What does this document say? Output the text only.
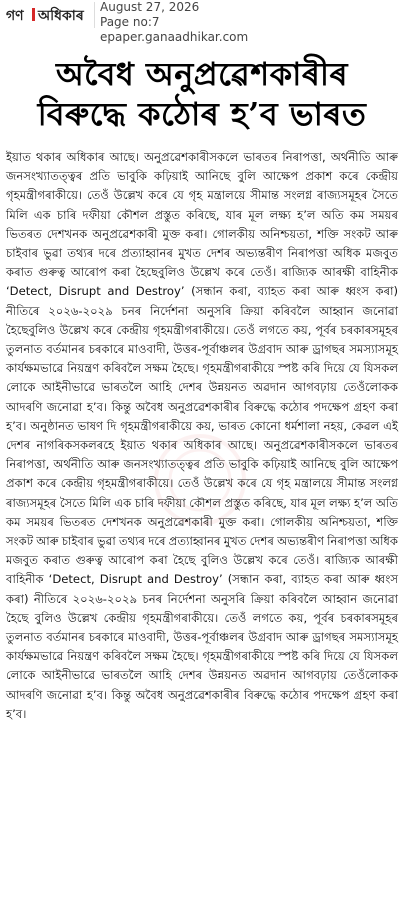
গণ অধিকাৰ
August 27, 2026
Page no:7
epaper.ganaadhikar.com
অবৈধ অনুপ্ৰৱেশকাৰীৰ
বিৰুদ্ধে কঠোৰ হ’ব ভাৰত

ইয়াত থকাৰ অধিকাৰ আছে। অনুপ্ৰৱেশকাৰীসকলে ভাৰতৰ নিৰাপত্তা, অৰ্থনীতি আৰু জনসংখ্যাতত্ত্বৰ প্ৰতি ভাবুকি কঢ়িয়াই আনিছে বুলি আক্ষেপ প্ৰকাশ কৰে কেন্দ্ৰীয় গৃহমন্ত্ৰীগৰাকীয়ে। তেওঁ উল্লেখ কৰে যে গৃহ মন্ত্ৰালয়ে সীমান্ত সংলগ্ন ৰাজ্যসমূহৰ সৈতে মিলি এক চাৰি দফীয়া কৌশল প্ৰস্তুত কৰিছে, যাৰ মূল লক্ষ্য হ’ল অতি কম সময়ৰ ভিতৰত দেশখনক অনুপ্ৰৱেশকাৰী মুক্ত কৰা। গোলকীয় অনিশ্চয়তা, শক্তি সংকট আৰু চাইবাৰ ভুৱা তথ্যৰ দৰে প্ৰত্যাহ্বানৰ মুখত দেশৰ অভ্যন্তৰীণ নিৰাপত্তা অধিক মজবুত কৰাত গুৰুত্ব আৰোপ কৰা হৈছেবুলিও উল্লেখ কৰে তেওঁ। ৰাজ্যিক আৰক্ষী বাহিনীক ‘Detect, Disrupt and Destroy’ (সন্ধান কৰা, ব্যাহত কৰা আৰু ধ্বংস কৰা) নীতিৰে ২০২৬-২০২৯ চনৰ নিৰ্দেশনা অনুসৰি ক্ৰিয়া কৰিবলৈ আহ্বান জনোৱা হৈছেবুলিও উল্লেখ কৰে কেন্দ্ৰীয় গৃহমন্ত্ৰীগৰাকীয়ে। তেওঁ লগতে কয়, পূৰ্বৰ চৰকাৰসমূহৰ তুলনাত বৰ্তমানৰ চৰকাৰে মাওবাদী, উত্তৰ-পূৰ্বাঞ্চলৰ উগ্ৰবাদ আৰু ড্ৰাগছৰ সমস্যাসমূহ কাৰ্যক্ষমভাৱে নিয়ন্ত্ৰণ কৰিবলৈ সক্ষম হৈছে। গৃহমন্ত্ৰীগৰাকীয়ে স্পষ্ট কৰি দিয়ে যে যিসকল লোকে আইনীভাৱে ভাৰতলৈ আহি দেশৰ উন্নয়নত অৱদান আগবঢ়ায় তেওঁলোকক আদৰণি জনোৱা হ’ব। কিন্তু অবৈধ অনুপ্ৰৱেশকাৰীৰ বিৰুদ্ধে কঠোৰ পদক্ষেপ গ্ৰহণ কৰা হ’ব। অনুষ্ঠানত ভাষণ দি গৃহমন্ত্ৰীগৰাকীয়ে কয়, ভাৰত কোনো ধৰ্মশালা নহয়, কেৱল এই দেশৰ নাগৰিকসকলৰহে ইয়াত থকাৰ অধিকাৰ আছে। অনুপ্ৰৱেশকাৰীসকলে ভাৰতৰ নিৰাপত্তা, অৰ্থনীতি আৰু জনসংখ্যাতত্ত্বৰ প্ৰতি ভাবুকি কঢ়িয়াই আনিছে বুলি আক্ষেপ প্ৰকাশ কৰে কেন্দ্ৰীয় গৃহমন্ত্ৰীগৰাকীয়ে। তেওঁ উল্লেখ কৰে যে গৃহ মন্ত্ৰালয়ে সীমান্ত সংলগ্ন ৰাজ্যসমূহৰ সৈতে মিলি এক চাৰি দফীয়া কৌশল প্ৰস্তুত কৰিছে, যাৰ মূল লক্ষ্য হ’ল অতি কম সময়ৰ ভিতৰত দেশখনক অনুপ্ৰৱেশকাৰী মুক্ত কৰা। গোলকীয় অনিশ্চয়তা, শক্তি সংকট আৰু চাইবাৰ ভুৱা তথ্যৰ দৰে প্ৰত্যাহ্বানৰ মুখত দেশৰ অভ্যন্তৰীণ নিৰাপত্তা অধিক মজবুত কৰাত গুৰুত্ব আৰোপ কৰা হৈছে বুলিও উল্লেখ কৰে তেওঁ। ৰাজ্যিক আৰক্ষী বাহিনীক ‘Detect, Disrupt and Destroy’ (সন্ধান কৰা, ব্যাহত কৰা আৰু ধ্বংস কৰা) নীতিৰে ২০২৬-২০২৯ চনৰ নিৰ্দেশনা অনুসৰি ক্ৰিয়া কৰিবলৈ আহ্বান জনোৱা হৈছে বুলিও উল্লেখ কেন্দ্ৰীয় গৃহমন্ত্ৰীগৰাকীয়ে। তেওঁ লগতে কয়, পূৰ্বৰ চৰকাৰসমূহৰ তুলনাত বৰ্তমানৰ চৰকাৰে মাওবাদী, উত্তৰ-পূৰ্বাঞ্চলৰ উগ্ৰবাদ আৰু ড্ৰাগছৰ সমস্যাসমূহ কাৰ্যক্ষমভাৱে নিয়ন্ত্ৰণ কৰিবলৈ সক্ষম হৈছে। গৃহমন্ত্ৰীগৰাকীয়ে স্পষ্ট কৰি দিয়ে যে যিসকল লোকে আইনীভাৱে ভাৰতলৈ আহি দেশৰ উন্নয়নত অৱদান আগবঢ়ায় তেওঁলোকক আদৰণি জনোৱা হ’ব। কিন্তু অবৈধ অনুপ্ৰৱেশকাৰীৰ বিৰুদ্ধে কঠোৰ পদক্ষেপ গ্ৰহণ কৰা হ’ব।
